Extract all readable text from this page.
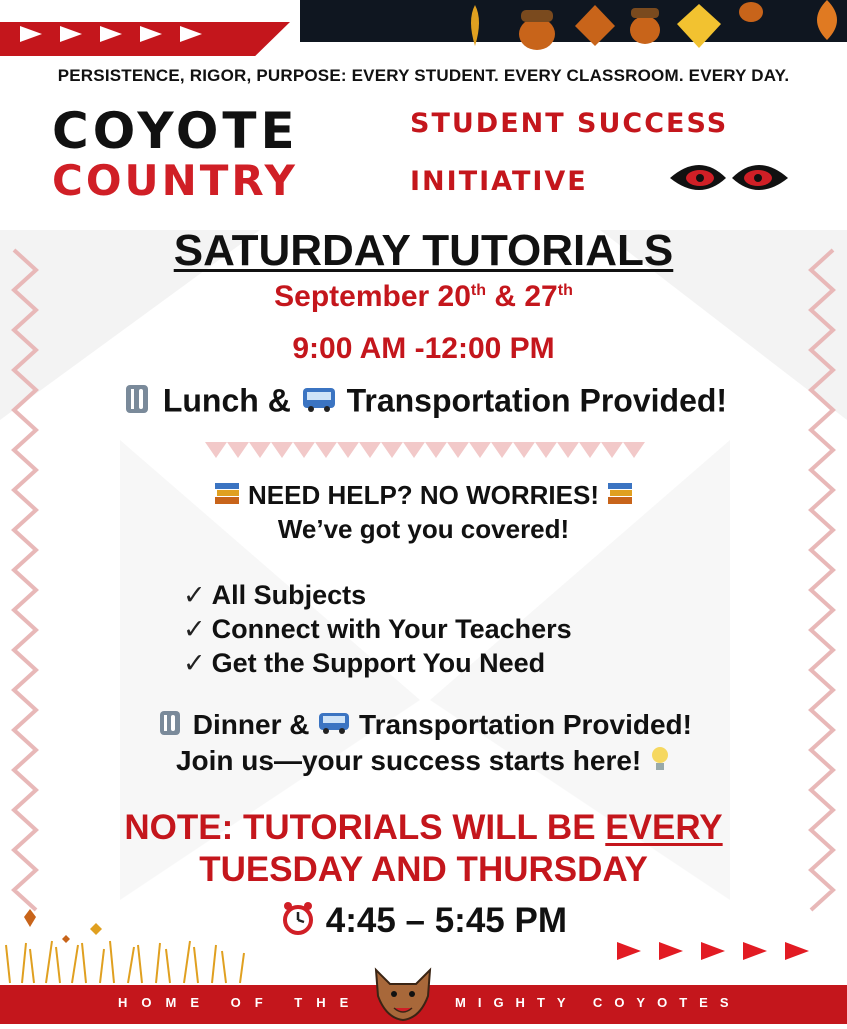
PERSISTENCE, RIGOR, PURPOSE: EVERY STUDENT. EVERY CLASSROOM. EVERY DAY.
COYOTE
COUNTRY
STUDENT SUCCESS
INITIATIVE
SATURDAY TUTORIALS
September 20th & 27th
9:00 AM -12:00 PM
Lunch &  Transportation Provided!
NEED HELP? NO WORRIES!
We’ve got you covered!
✓ All Subjects
✓ Connect with Your Teachers
✓ Get the Support You Need
Dinner &  Transportation Provided!
Join us—your success starts here!
NOTE: TUTORIALS WILL BE EVERY
TUESDAY AND THURSDAY
4:45 – 5:45 PM
HOME OF THE	MIGHTY COYOTES
